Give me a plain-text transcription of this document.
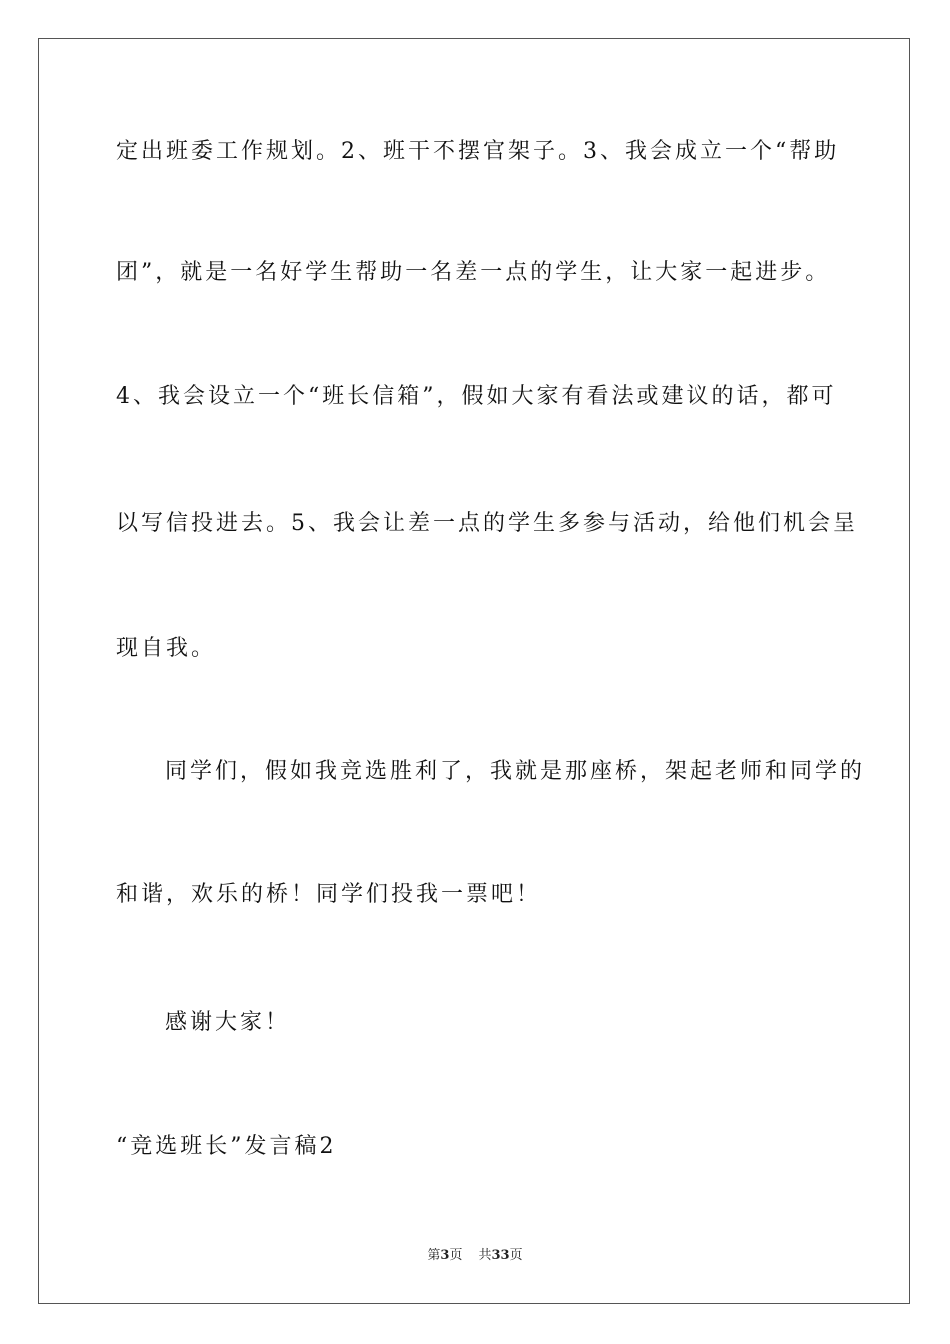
定出班委工作规划。2、班干不摆官架子。3、我会成立一个“帮助
团”，就是一名好学生帮助一名差一点的学生，让大家一起进步。
4、我会设立一个“班长信箱”，假如大家有看法或建议的话，都可
以写信投进去。5、我会让差一点的学生多参与活动，给他们机会呈
现自我。
同学们，假如我竞选胜利了，我就是那座桥，架起老师和同学的
和谐，欢乐的桥！同学们投我一票吧！
感谢大家！
“竞选班长”发言稿2
第3页 共33页
